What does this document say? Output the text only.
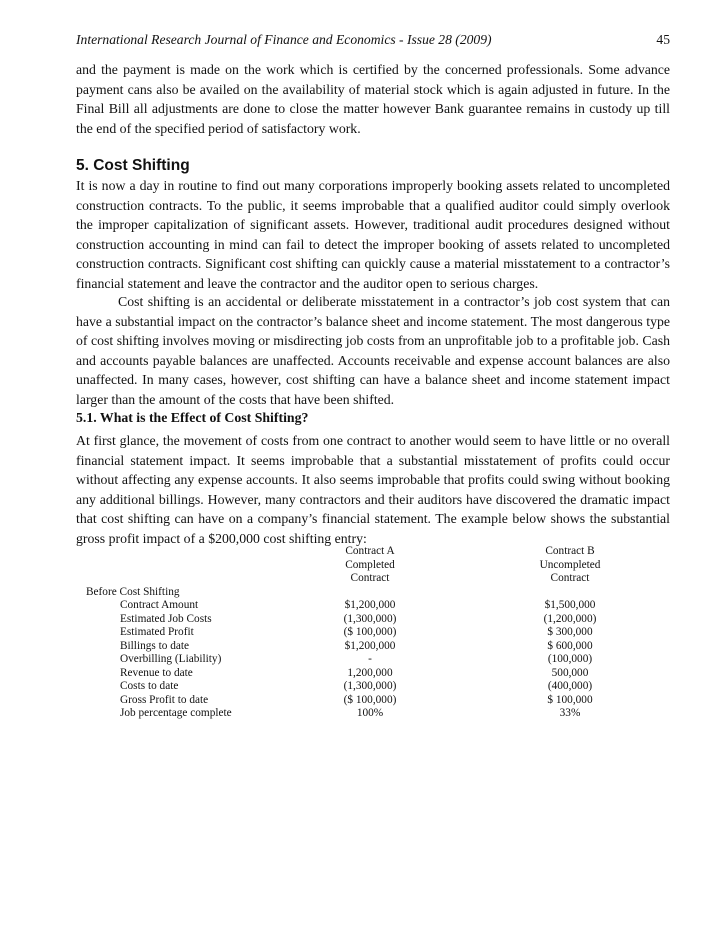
International Research Journal of Finance and Economics - Issue 28 (2009)	45

and the payment is made on the work which is certified by the concerned professionals. Some advance payment cans also be availed on the availability of material stock which is again adjusted in future. In the Final Bill all adjustments are done to close the matter however Bank guarantee remains in custody up till the end of the specified period of satisfactory work.

5. Cost Shifting

It is now a day in routine to find out many corporations improperly booking assets related to uncompleted construction contracts. To the public, it seems improbable that a qualified auditor could simply overlook the improper capitalization of significant assets. However, traditional audit procedures designed without construction accounting in mind can fail to detect the improper booking of assets related to uncompleted construction contracts. Significant cost shifting can quickly cause a material misstatement to a contractor’s financial statement and leave the contractor and the auditor open to serious charges.

Cost shifting is an accidental or deliberate misstatement in a contractor’s job cost system that can have a substantial impact on the contractor’s balance sheet and income statement. The most dangerous type of cost shifting involves moving or misdirecting job costs from an unprofitable job to a profitable job. Cash and accounts payable balances are unaffected. Accounts receivable and expense account balances are also unaffected. In many cases, however, cost shifting can have a balance sheet and income statement impact larger than the amount of the costs that have been shifted.

5.1. What is the Effect of Cost Shifting?

At first glance, the movement of costs from one contract to another would seem to have little or no overall financial statement impact. It seems improbable that a substantial misstatement of profits could occur without affecting any expense accounts. It also seems improbable that profits could swing without booking any additional billings. However, many contractors and their auditors have discovered the dramatic impact that cost shifting can have on a company’s financial statement. The example below shows the substantial gross profit impact of a $200,000 cost shifting entry:

Contract A	Contract B
Completed	Uncompleted
Contract	Contract
Before Cost Shifting
Contract Amount	$1,200,000	$1,500,000
Estimated Job Costs	(1,300,000)	(1,200,000)
Estimated Profit	($ 100,000)	$ 300,000
Billings to date	$1,200,000	$ 600,000
Overbilling (Liability)	-	(100,000)
Revenue to date	1,200,000	500,000
Costs to date	(1,300,000)	(400,000)
Gross Profit to date	($ 100,000)	$ 100,000
Job percentage complete	100%	33%
